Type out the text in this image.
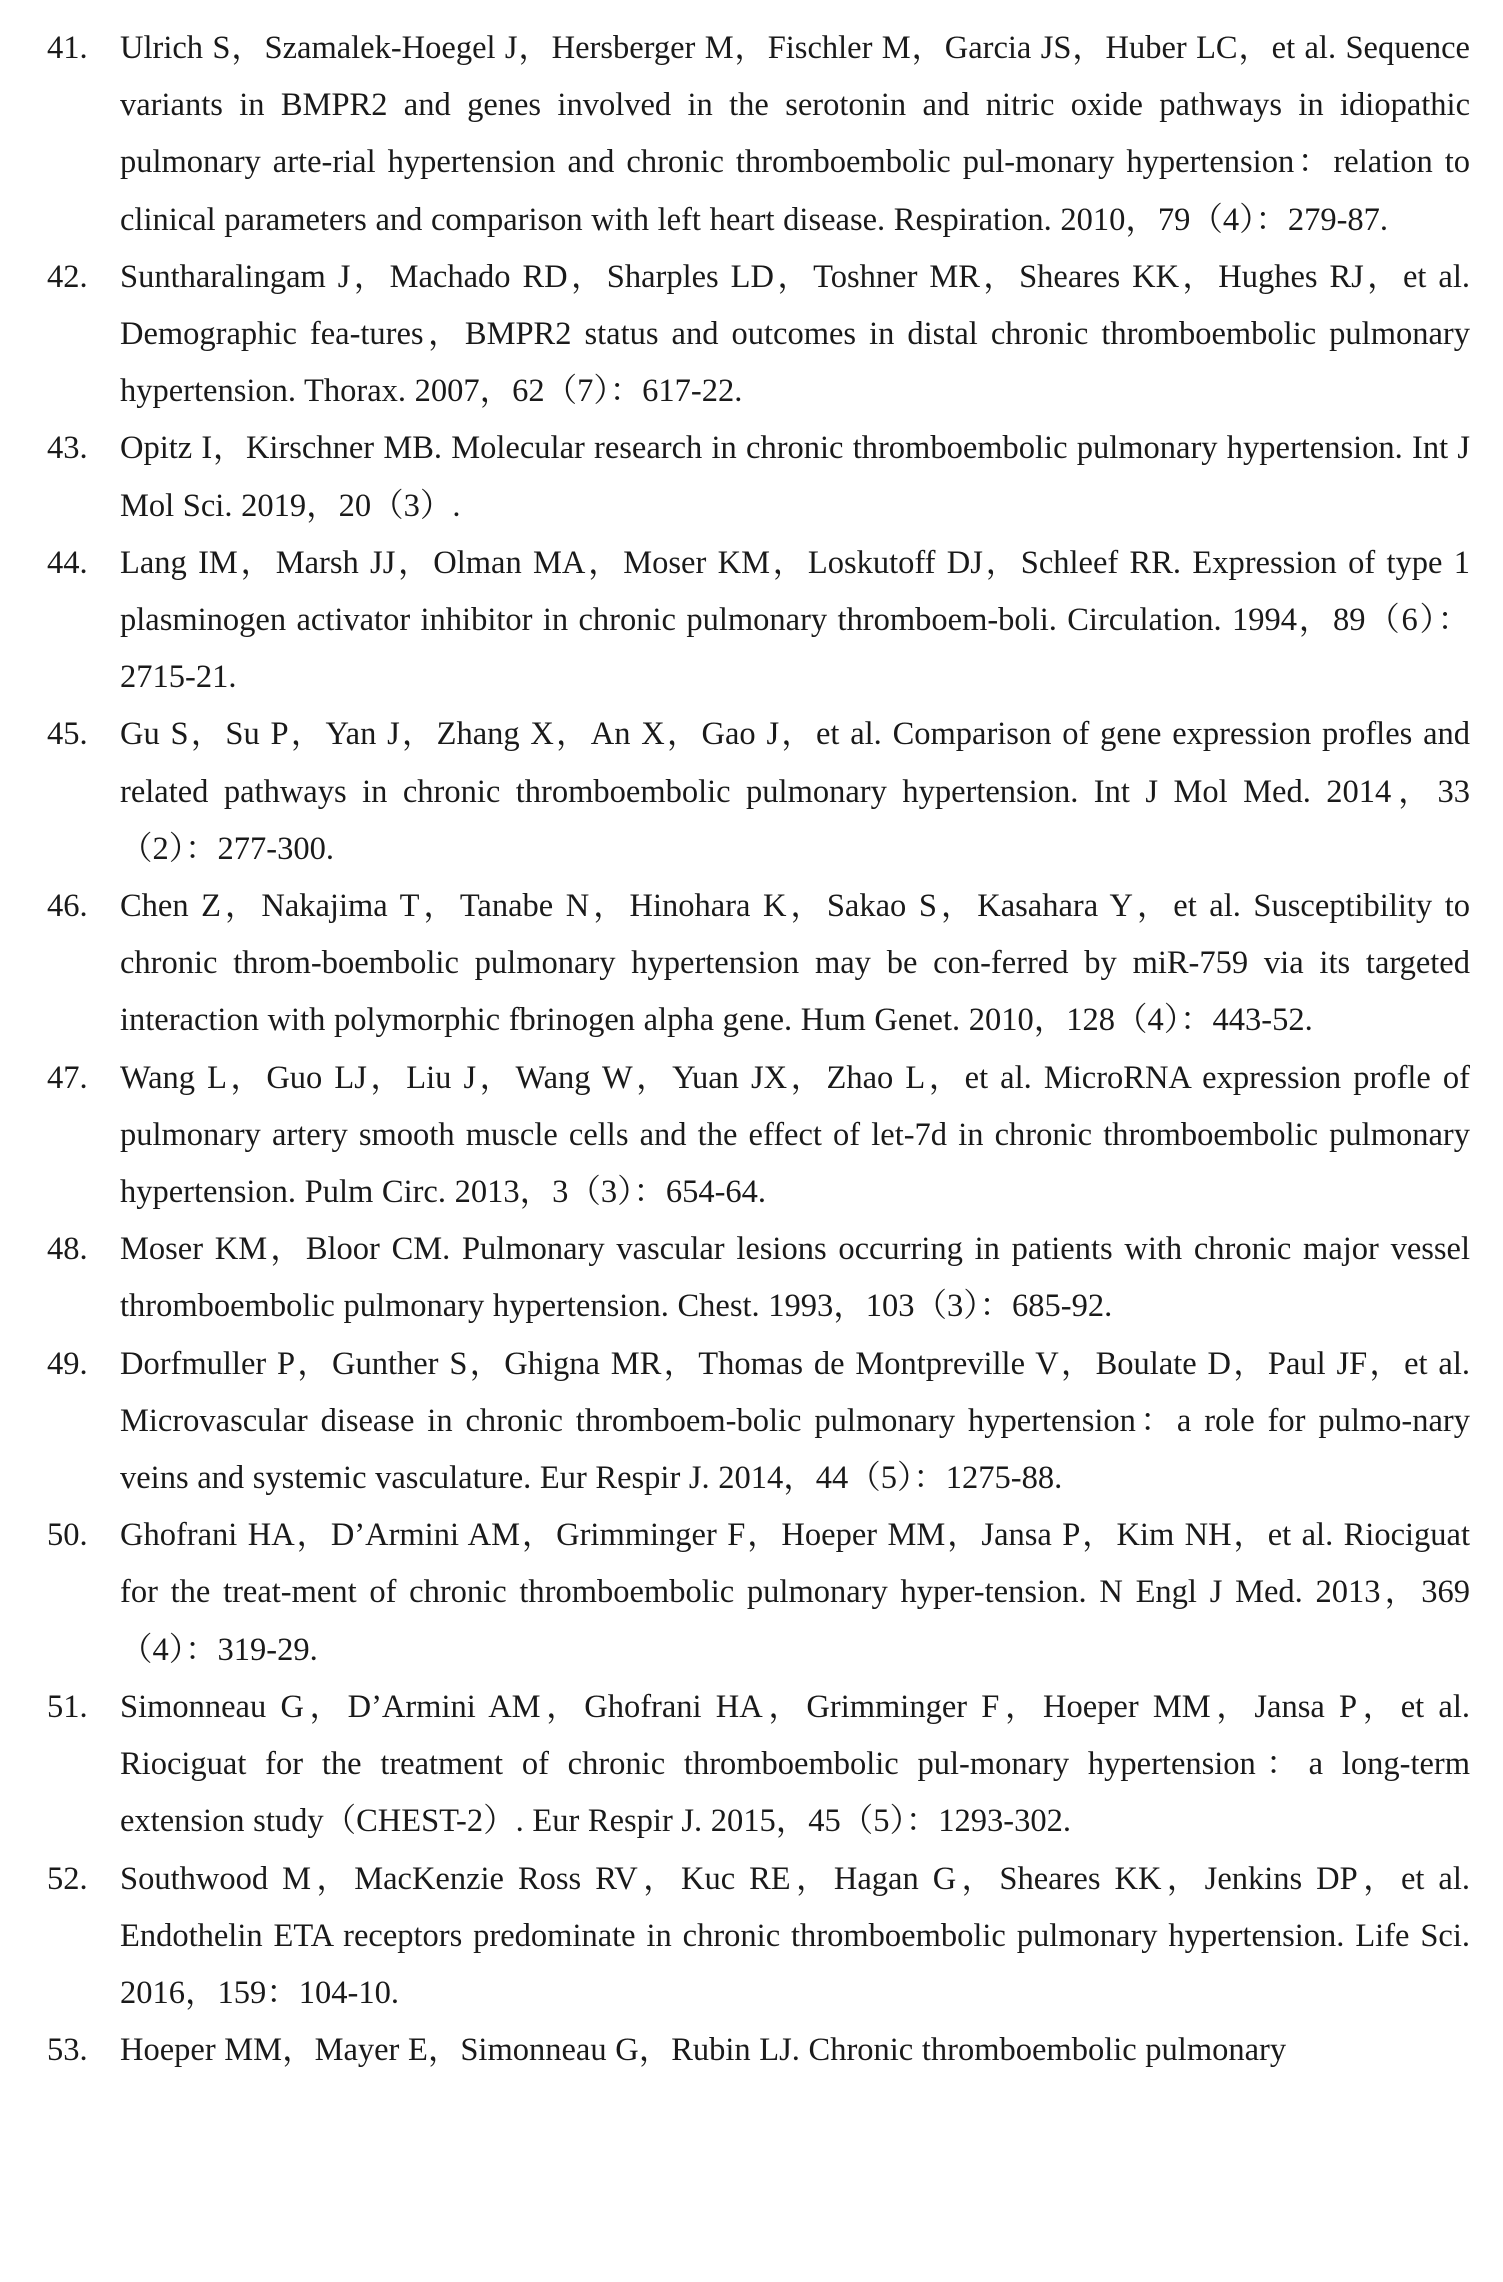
41. Ulrich S，Szamalek-Hoegel J，Hersberger M，Fischler M，Garcia JS，Huber LC，et al. Sequence variants in BMPR2 and genes involved in the serotonin and nitric oxide pathways in idiopathic pulmonary arte-rial hypertension and chronic thromboembolic pul-monary hypertension：relation to clinical parameters and comparison with left heart disease. Respiration. 2010，79（4）：279-87.
42. Suntharalingam J，Machado RD，Sharples LD，Toshner MR，Sheares KK，Hughes RJ，et al. Demographic fea-tures，BMPR2 status and outcomes in distal chronic thromboembolic pulmonary hypertension. Thorax. 2007，62（7）：617-22.
43. Opitz I，Kirschner MB. Molecular research in chronic thromboembolic pulmonary hypertension. Int J Mol Sci. 2019，20（3）.
44. Lang IM，Marsh JJ，Olman MA，Moser KM，Loskutoff DJ，Schleef RR. Expression of type 1 plasminogen activator inhibitor in chronic pulmonary thromboem-boli. Circulation. 1994，89（6）：2715-21.
45. Gu S，Su P，Yan J，Zhang X，An X，Gao J，et al. Comparison of gene expression profles and related pathways in chronic thromboembolic pulmonary hypertension. Int J Mol Med. 2014，33（2）：277-300.
46. Chen Z，Nakajima T，Tanabe N，Hinohara K，Sakao S，Kasahara Y，et al. Susceptibility to chronic throm-boembolic pulmonary hypertension may be con-ferred by miR-759 via its targeted interaction with polymorphic fbrinogen alpha gene. Hum Genet. 2010，128（4）：443-52.
47. Wang L，Guo LJ，Liu J，Wang W，Yuan JX，Zhao L，et al. MicroRNA expression profle of pulmonary artery smooth muscle cells and the effect of let-7d in chronic thromboembolic pulmonary hypertension. Pulm Circ. 2013，3（3）：654-64.
48. Moser KM，Bloor CM. Pulmonary vascular lesions occurring in patients with chronic major vessel thromboembolic pulmonary hypertension. Chest. 1993，103（3）：685-92.
49. Dorfmuller P，Gunther S，Ghigna MR，Thomas de Montpreville V，Boulate D，Paul JF，et al. Microvascular disease in chronic thromboem-bolic pulmonary hypertension：a role for pulmo-nary veins and systemic vasculature. Eur Respir J. 2014，44（5）：1275-88.
50. Ghofrani HA，D’Armini AM，Grimminger F，Hoeper MM，Jansa P，Kim NH，et al. Riociguat for the treat-ment of chronic thromboembolic pulmonary hyper-tension. N Engl J Med. 2013，369（4）：319-29.
51. Simonneau G，D’Armini AM，Ghofrani HA，Grimminger F，Hoeper MM，Jansa P，et al. Riociguat for the treatment of chronic thromboembolic pul-monary hypertension：a long-term extension study（CHEST-2）. Eur Respir J. 2015，45（5）：1293-302.
52. Southwood M，MacKenzie Ross RV，Kuc RE，Hagan G，Sheares KK，Jenkins DP，et al. Endothelin ETA receptors predominate in chronic thromboembolic pulmonary hypertension. Life Sci. 2016，159：104-10.
53. Hoeper MM，Mayer E，Simonneau G，Rubin LJ. Chronic thromboembolic pulmonary
